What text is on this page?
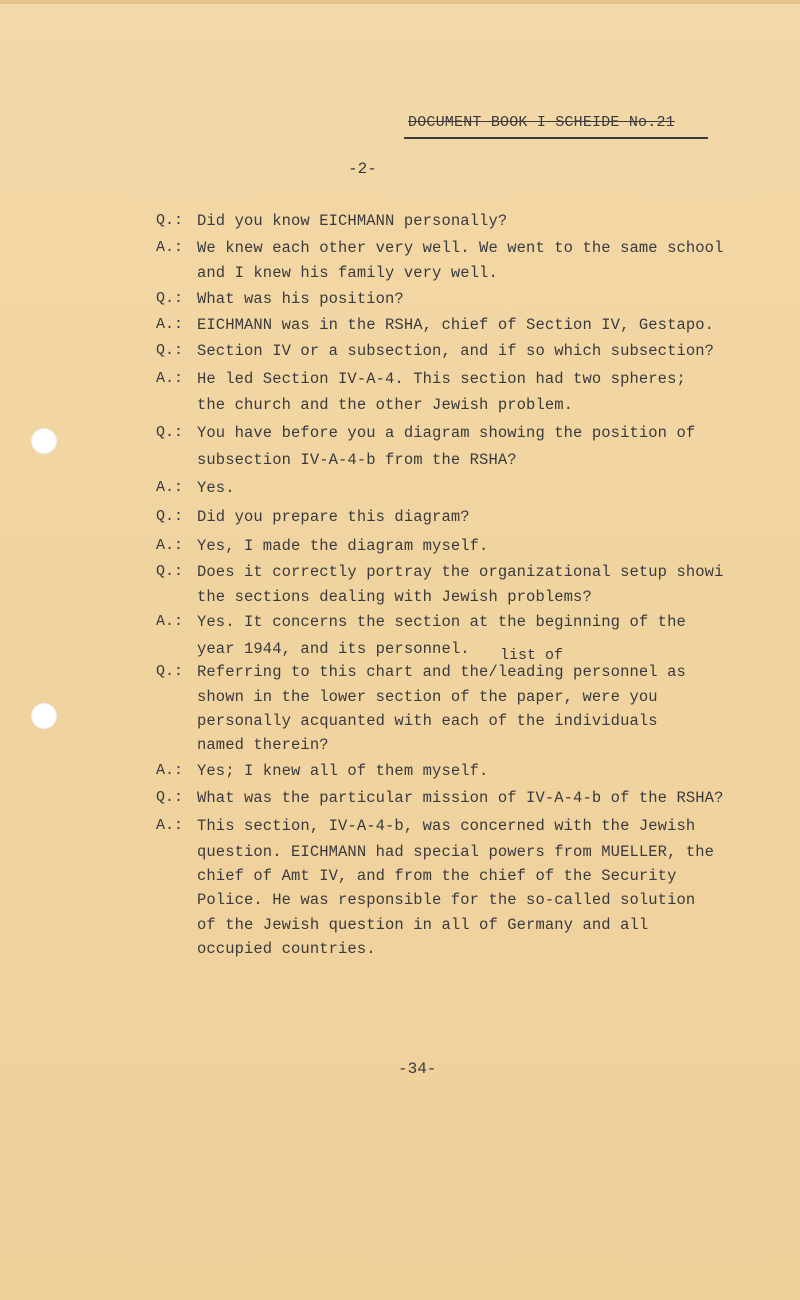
DOCUMENT BOOK I SCHEIDE No.21
-2-
Q.: Did you know EICHMANN personally?
A.: We knew each other very well. We went to the same school
and I knew his family very well.
Q.: What was his position?
A.: EICHMANN was in the RSHA, chief of Section IV, Gestapo.
Q.: Section IV or a subsection, and if so which subsection?
A.: He led Section IV-A-4. This section had two spheres;
the church and the other Jewish problem.
Q.: You have before you a diagram showing the position of
subsection IV-A-4-b from the RSHA?
A.: Yes.
Q.: Did you prepare this diagram?
A.: Yes, I made the diagram myself.
Q.: Does it correctly portray the organizational setup showi
the sections dealing with Jewish problems?
A.: Yes. It concerns the section at the beginning of the
year 1944, and its personnel.
Q.: Referring to this chart and the/leading personnel as
shown in the lower section of the paper, were you
personally acquanted with each of the individuals
named therein?
A.: Yes; I knew all of them myself.
Q.: What was the particular mission of IV-A-4-b of the RSHA?
A.: This section, IV-A-4-b, was concerned with the Jewish
question. EICHMANN had special powers from MUELLER, the
chief of Amt IV, and from the chief of the Security
Police. He was responsible for the so-called solution
of the Jewish question in all of Germany and all
occupied countries.
list of
-34-
